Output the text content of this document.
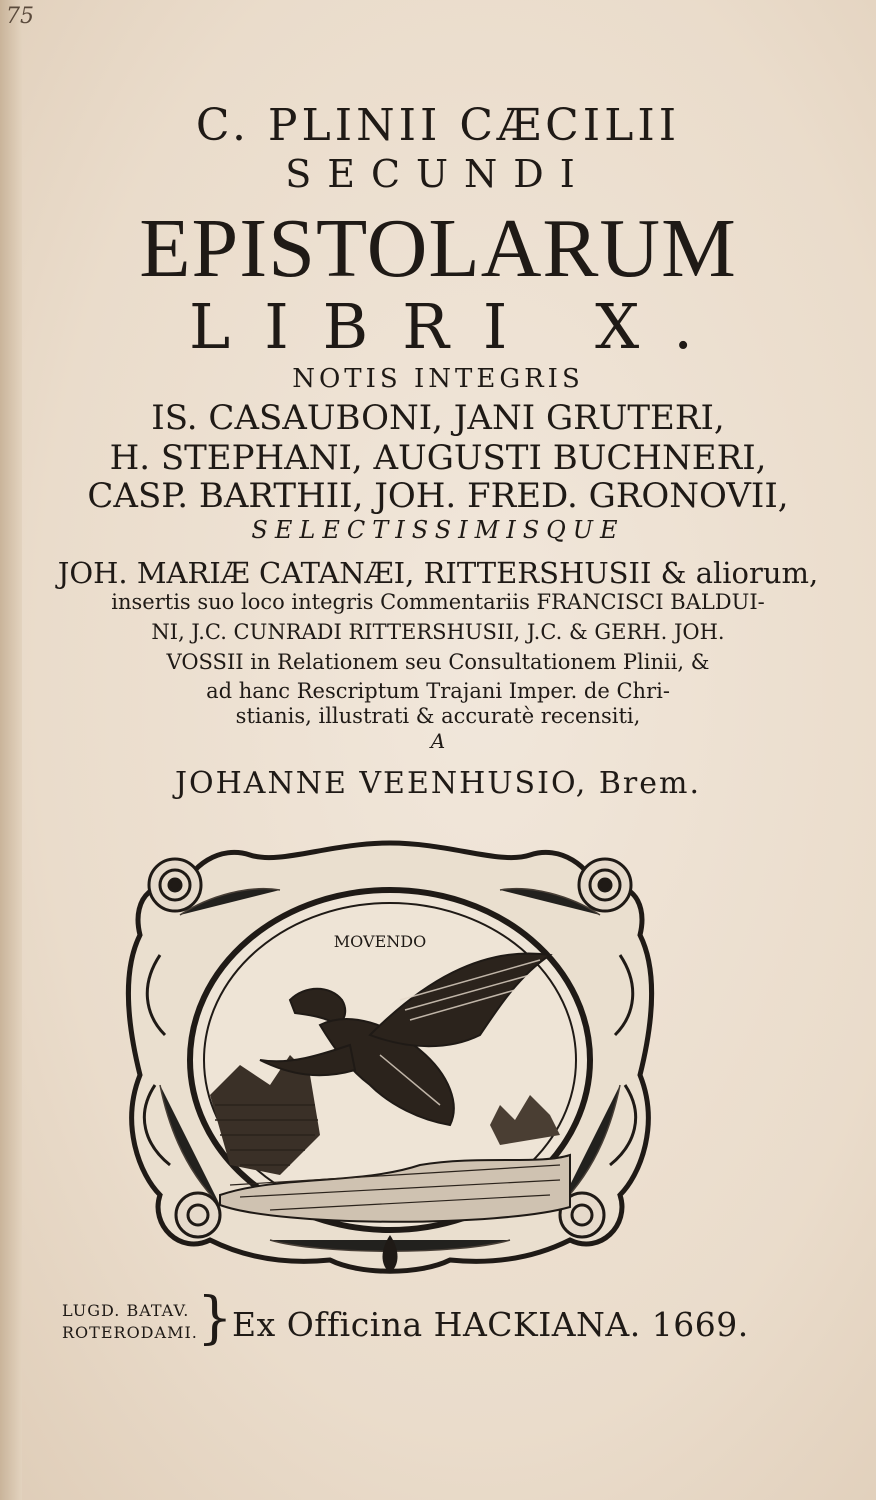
75
C. PLINII CÆCILII
SECUNDI
EPISTOLARUM
LIBRI X.
NOTIS INTEGRIS
IS. CASAUBONI, JANI GRUTERI,
H. STEPHANI, AUGUSTI BUCHNERI,
CASP. BARTHII, JOH. FRED. GRONOVII,
SELECTISSIMISQUE
JOH. MARIÆ CATANÆI, RITTERSHUSII & aliorum,
insertis suo loco integris Commentariis FRANCISCI BALDUI-
NI, J.C. CUNRADI RITTERSHUSII, J.C. & GERH. JOH.
VOSSII in Relationem seu Consultationem Plinii, &
ad hanc Rescriptum Trajani Imper. de Chri-
stianis, illustrati & accuratè recensiti,
A
JOHANNE VEENHUSIO, Brem.
MOVENDO
LUGD. BATAV.
ROTERODAMI. } Ex Officina HACKIANA. 1669.
